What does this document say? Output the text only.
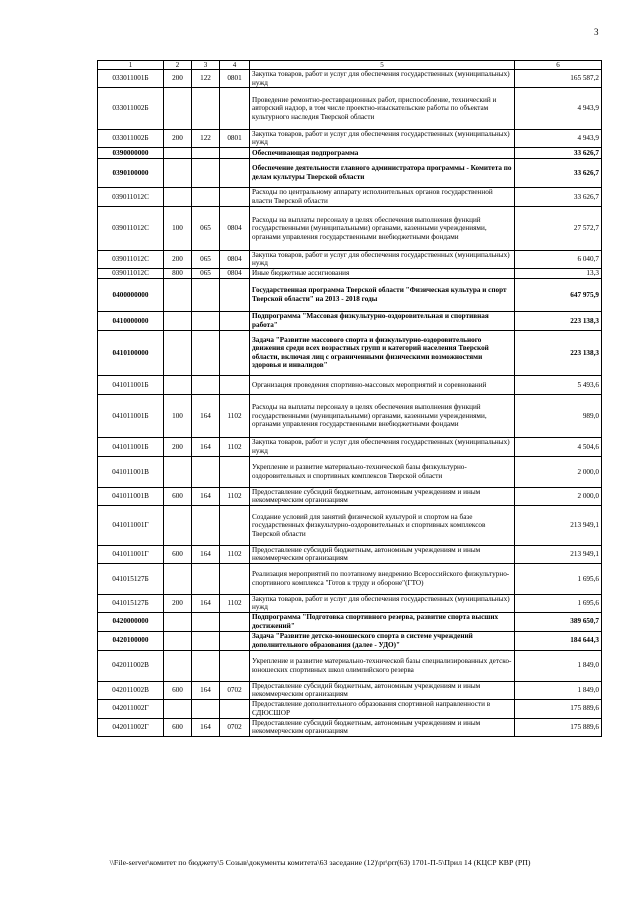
3
1	2	3	4	5	6
033011001Б	200	122	0801	Закупка товаров, работ и услуг для обеспечения государственных (муниципальных) нужд	165 587,2
033011002Б				Проведение ремонтно-реставрационных работ, приспособление, технический и авторский надзор, в том числе проектно-изыскательские работы по объектам культурного наследия Тверской области	4 943,9
033011002Б	200	122	0801	Закупка товаров, работ и услуг для обеспечения государственных (муниципальных) нужд	4 943,9
0390000000				Обеспечивающая подпрограмма	33 626,7
0390100000				Обеспечение деятельности главного администратора программы - Комитета по делам культуры Тверской области	33 626,7
039011012С				Расходы по центральному аппарату исполнительных органов государственной власти Тверской области	33 626,7
039011012С	100	065	0804	Расходы на выплаты персоналу в целях обеспечения выполнения функций государственными (муниципальными) органами, казенными учреждениями, органами управления государственными внебюджетными фондами	27 572,7
039011012С	200	065	0804	Закупка товаров, работ и услуг для обеспечения государственных (муниципальных) нужд	6 040,7
039011012С	800	065	0804	Иные бюджетные ассигнования	13,3
0400000000				Государственная программа Тверской области "Физическая культура и спорт Тверской области" на 2013 - 2018 годы	647 975,9
0410000000				Подпрограмма "Массовая физкультурно-оздоровительная и спортивная работа"	223 138,3
0410100000				Задача "Развитие массового спорта и физкультурно-оздоровительного движения среди всех возрастных групп и категорий населения Тверской области, включая лиц с ограниченными физическими возможностями здоровья и инвалидов"	223 138,3
041011001Б				Организация проведения спортивно-массовых мероприятий и соревнований	5 493,6
041011001Б	100	164	1102	Расходы на выплаты персоналу в целях обеспечения выполнения функций государственными (муниципальными) органами, казенными учреждениями, органами управления государственными внебюджетными фондами	989,0
041011001Б	200	164	1102	Закупка товаров, работ и услуг для обеспечения государственных (муниципальных) нужд	4 504,6
041011001В				Укрепление и развитие материально-технической базы физкультурно-оздоровительных и спортивных комплексов Тверской области	2 000,0
041011001В	600	164	1102	Предоставление субсидий бюджетным, автономным учреждениям и иным некоммерческим организациям	2 000,0
041011001Г				Создание условий для занятий физической культурой и спортом на базе государственных физкультурно-оздоровительных и спортивных комплексов Тверской области	213 949,1
041011001Г	600	164	1102	Предоставление субсидий бюджетным, автономным учреждениям и иным некоммерческим организациям	213 949,1
041015127Б				Реализация мероприятий по поэтапному внедрению Всероссийского физкультурно-спортивного комплекса "Готов к труду и обороне"(ГТО)	1 695,6
041015127Б	200	164	1102	Закупка товаров, работ и услуг для обеспечения государственных (муниципальных) нужд	1 695,6
0420000000				Подпрограмма "Подготовка спортивного резерва, развитие спорта высших достижений"	389 650,7
0420100000				Задача "Развитие детско-юношеского спорта в системе учреждений дополнительного образования (далее - УДО)"	184 644,3
042011002В				Укрепление и развитие материально-технической базы специализированных детско-юношеских спортивных школ олимпийского резерва	1 849,0
042011002В	600	164	0702	Предоставление субсидий бюджетным, автономным учреждениям и иным некоммерческим организациям	1 849,0
042011002Г				Предоставление дополнительного образования спортивной направленности в СДЮСШОР	175 889,6
042011002Г	600	164	0702	Предоставление субсидий бюджетным, автономным учреждениям и иным некоммерческим организациям	175 889,6
\\File-server\комитет по бюджету\5 Созыв\документы комитета\63 заседание (12)\pr\prr(63) 1701-П-5\Прил 14 (КЦСР КВР (РП)
